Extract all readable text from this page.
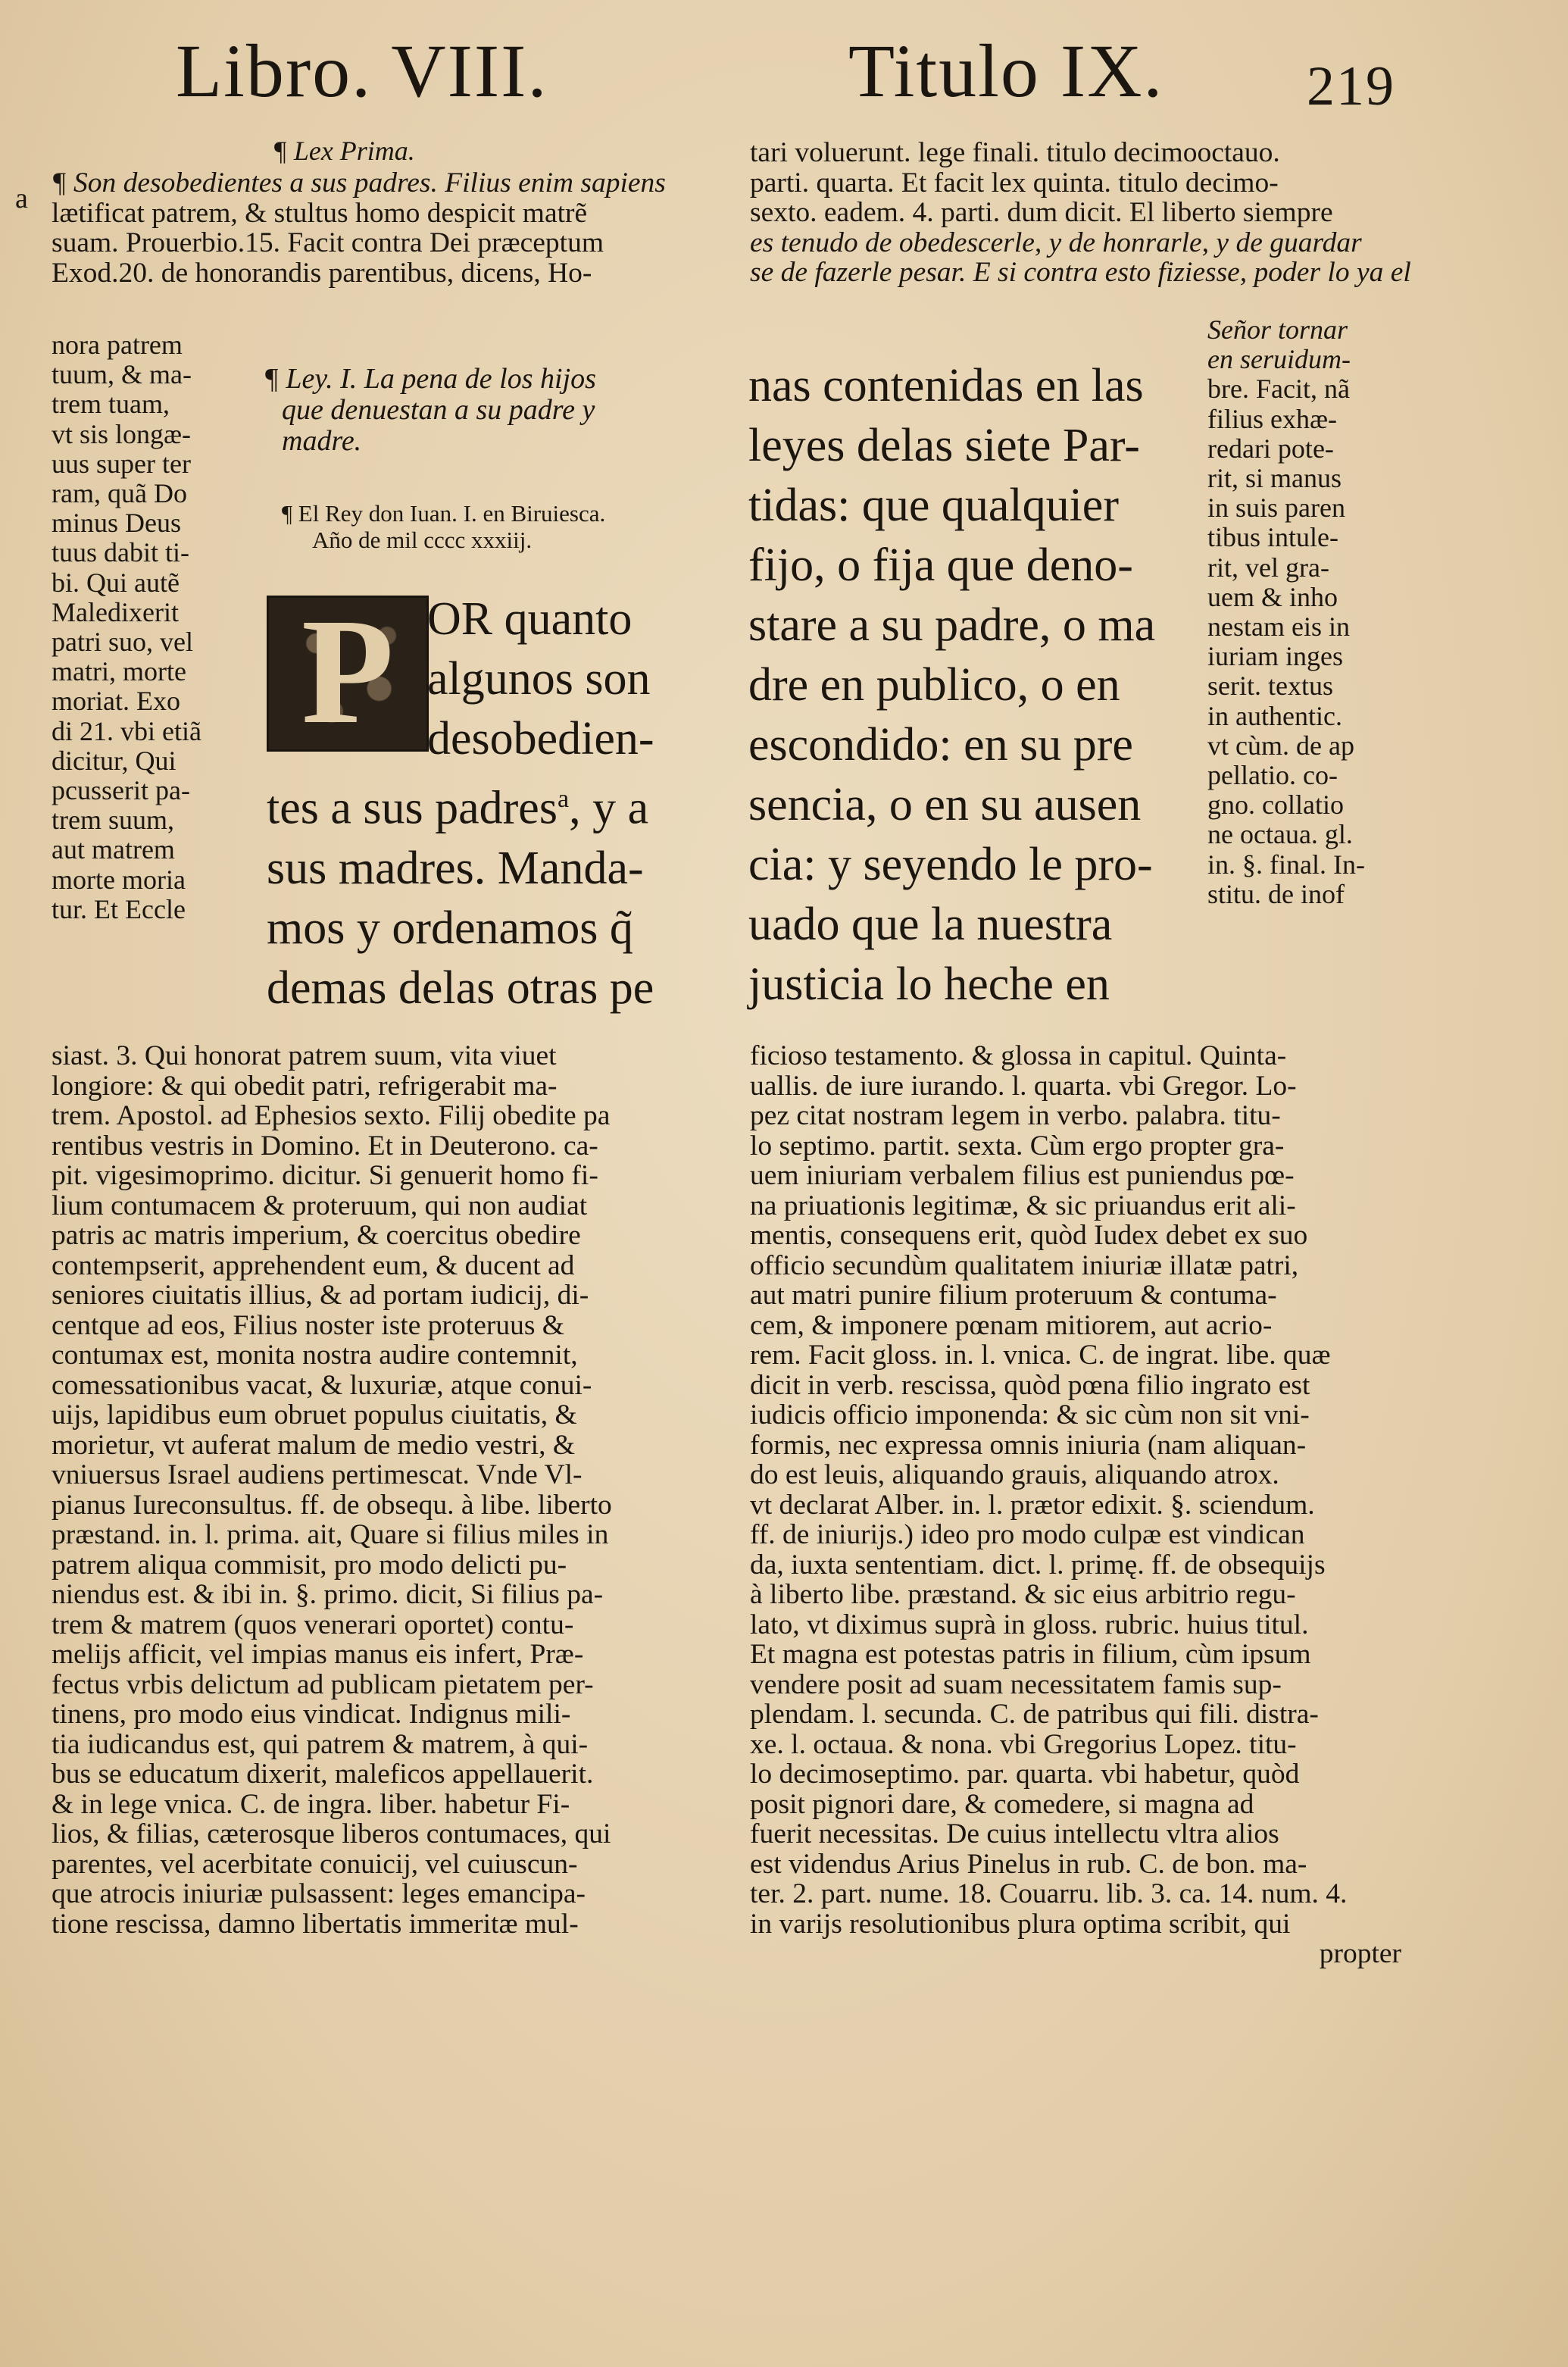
Libro. VIII.	Titulo IX.	219
¶ Lex Prima.
a ¶ Son desobedientes a sus padres. Filius enim sapiens
lætificat patrem, & stultus homo despicit matrẽ
suam. Prouerbio.15. Facit contra Dei præceptum
Exod.20. de honorandis parentibus, dicens, Ho-
nora patrem
tuum, & ma-
trem tuam,
vt sis longæ-
uus super ter
ram, quã Do
minus Deus
tuus dabit ti-
bi. Qui autẽ
Maledixerit
patri suo, vel
matri, morte
moriat. Exo
di 21. vbi etiã
dicitur, Qui
pcusserit pa-
trem suum,
aut matrem
morte moria
tur. Et Eccle
¶ Ley. I. La pena de los hijos
que denuestan a su padre y
madre.
¶ El Rey don Iuan. I. en Biruiesca.
Año de mil cccc xxxiij.
P OR quanto
algunos son
desobedien-
tes a sus padres$^a$, y a
sus madres. Manda-
mos y ordenamos q̃
demas delas otras pe
siast. 3. Qui honorat patrem suum, vita viuet
longiore: & qui obedit patri, refrigerabit ma-
trem. Apostol. ad Ephesios sexto. Filij obedite pa
rentibus vestris in Domino. Et in Deuterono. ca-
pit. vigesimoprimo. dicitur. Si genuerit homo fi-
lium contumacem & proteruum, qui non audiat
patris ac matris imperium, & coercitus obedire
contempserit, apprehendent eum, & ducent ad
seniores ciuitatis illius, & ad portam iudicij, di-
centque ad eos, Filius noster iste proteruus &
contumax est, monita nostra audire contemnit,
comessationibus vacat, & luxuriæ, atque conui-
uijs, lapidibus eum obruet populus ciuitatis, &
morietur, vt auferat malum de medio vestri, &
vniuersus Israel audiens pertimescat. Vnde Vl-
pianus Iureconsultus. ff. de obsequ. à libe. liberto
præstand. in. l. prima. ait, Quare si filius miles in
patrem aliqua commisit, pro modo delicti pu-
niendus est. & ibi in. §. primo. dicit, Si filius pa-
trem & matrem (quos venerari oportet) contu-
melijs afficit, vel impias manus eis infert, Præ-
fectus vrbis delictum ad publicam pietatem per-
tinens, pro modo eius vindicat. Indignus mili-
tia iudicandus est, qui patrem & matrem, à qui-
bus se educatum dixerit, maleficos appellauerit.
& in lege vnica. C. de ingra. liber. habetur Fi-
lios, & filias, cæterosque liberos contumaces, qui
parentes, vel acerbitate conuicij, vel cuiuscun-
que atrocis iniuriæ pulsassent: leges emancipa-
tione rescissa, damno libertatis immeritæ mul-
tari voluerunt. lege finali. titulo decimooctauo.
parti. quarta. Et facit lex quinta. titulo decimo-
sexto. eadem. 4. parti. dum dicit. El liberto siempre
es tenudo de obedescerle, y de honrarle, y de guardar
se de fazerle pesar. E si contra esto fiziesse, poder lo ya el
nas contenidas en las
leyes delas siete Par-
tidas: que qualquier
fijo, o fija que deno-
stare a su padre, o ma
dre en publico, o en
escondido: en su pre
sencia, o en su ausen
cia: y seyendo le pro-
uado que la nuestra
justicia lo heche en
Señor tornar
en seruidum-
bre. Facit, nã
filius exhæ-
redari pote-
rit, si manus
in suis paren
tibus intule-
rit, vel gra-
uem & inho
nestam eis in
iuriam inges
serit. textus
in authentic.
vt cùm. de ap
pellatio. co-
gno. collatio
ne octaua. gl.
in. §. final. In-
stitu. de inof
ficioso testamento. & glossa in capitul. Quinta-
uallis. de iure iurando. l. quarta. vbi Gregor. Lo-
pez citat nostram legem in verbo. palabra. titu-
lo septimo. partit. sexta. Cùm ergo propter gra-
uem iniuriam verbalem filius est puniendus pœ-
na priuationis legitimæ, & sic priuandus erit ali-
mentis, consequens erit, quòd Iudex debet ex suo
officio secundùm qualitatem iniuriæ illatæ patri,
aut matri punire filium proteruum & contuma-
cem, & imponere pœnam mitiorem, aut acrio-
rem. Facit gloss. in. l. vnica. C. de ingrat. libe. quæ
dicit in verb. rescissa, quòd pœna filio ingrato est
iudicis officio imponenda: & sic cùm non sit vni-
formis, nec expressa omnis iniuria (nam aliquan-
do est leuis, aliquando grauis, aliquando atrox.
vt declarat Alber. in. l. prætor edixit. §. sciendum.
ff. de iniurijs.) ideo pro modo culpæ est vindican
da, iuxta sententiam. dict. l. primę. ff. de obsequijs
à liberto libe. præstand. & sic eius arbitrio regu-
lato, vt diximus suprà in gloss. rubric. huius titul.
Et magna est potestas patris in filium, cùm ipsum
vendere posit ad suam necessitatem famis sup-
plendam. l. secunda. C. de patribus qui fili. distra-
xe. l. octaua. & nona. vbi Gregorius Lopez. titu-
lo decimoseptimo. par. quarta. vbi habetur, quòd
posit pignori dare, & comedere, si magna ad
fuerit necessitas. De cuius intellectu vltra alios
est videndus Arius Pinelus in rub. C. de bon. ma-
ter. 2. part. nume. 18. Couarru. lib. 3. ca. 14. num. 4.
in varijs resolutionibus plura optima scribit, qui
propter
